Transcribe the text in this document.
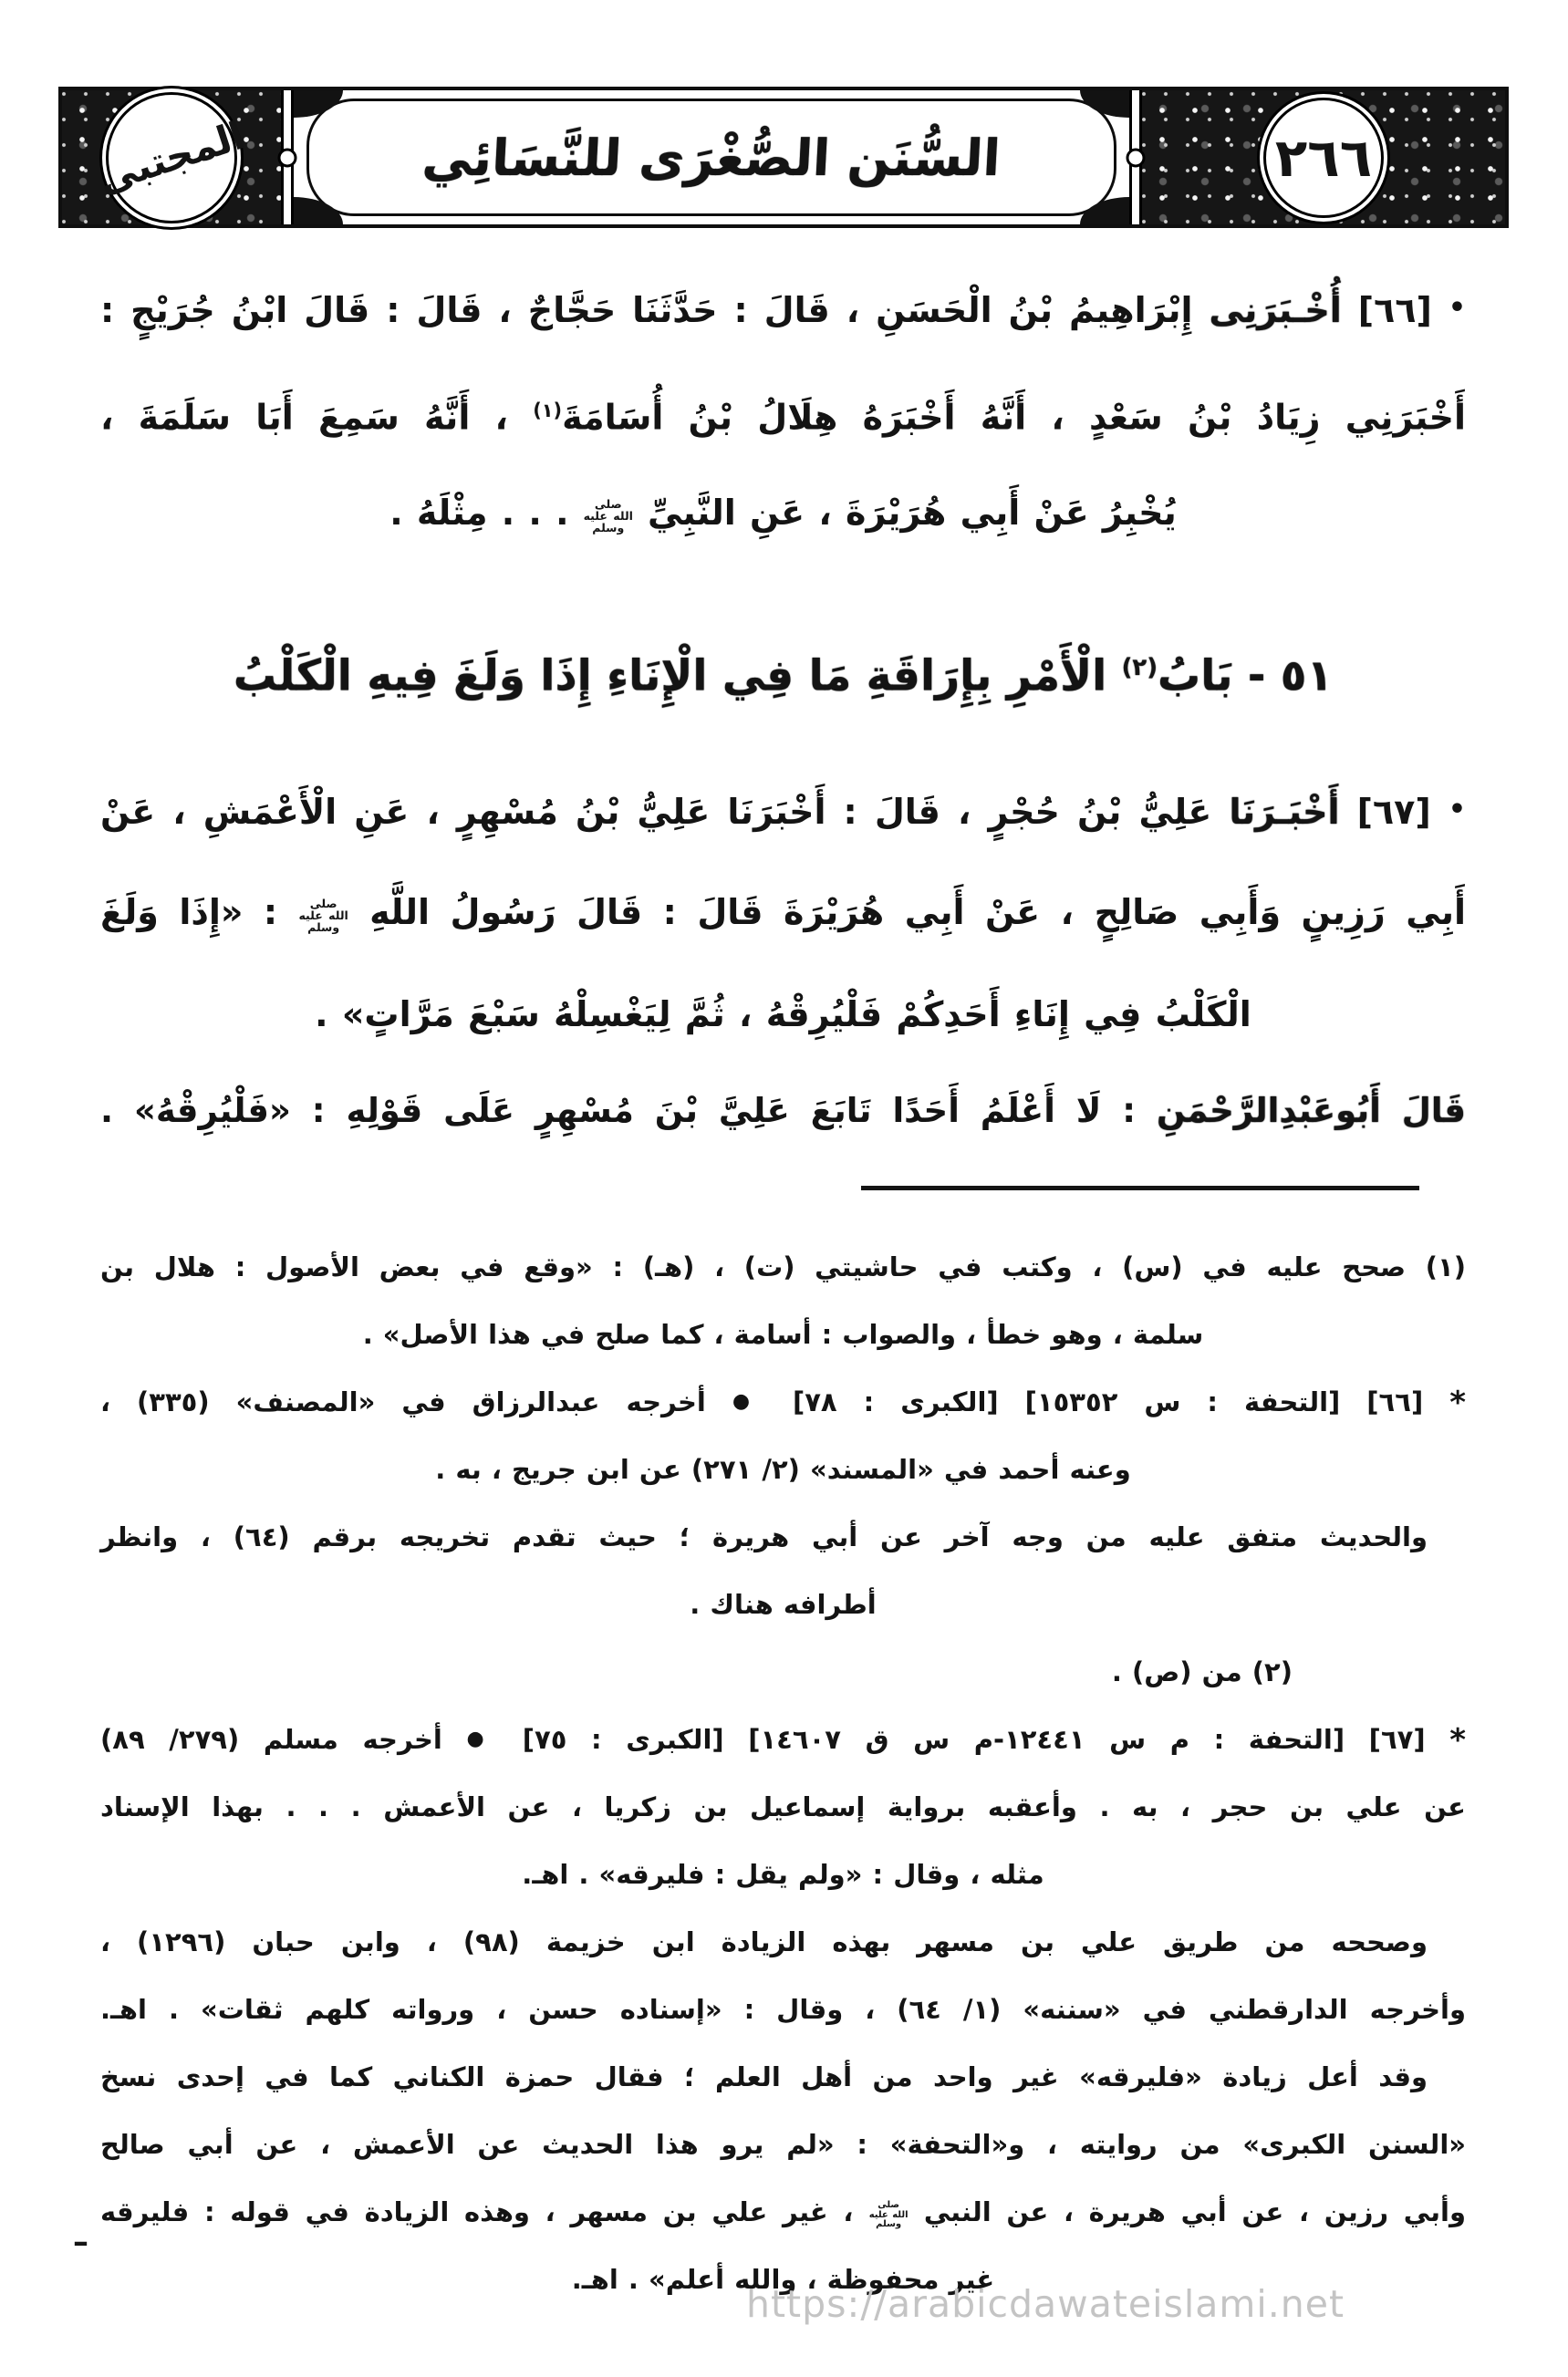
المجتبى	السُّنَن الصُّغْرَى للنَّسَائِي	٢٦٦
• [٦٦] أُخْـبَرَنِى إِبْرَاهِيمُ بْنُ الْحَسَنِ ، قَالَ : حَدَّثَنَا حَجَّاجٌ ، قَالَ : قَالَ ابْنُ جُرَيْجٍ :
أَخْبَرَنِي زِيَادُ بْنُ سَعْدٍ ، أَنَّهُ أَخْبَرَهُ هِلَالُ بْنُ أُسَامَةَ$^{(١)}$ ، أَنَّهُ سَمِعَ أَبَا سَلَمَةَ ،
يُخْبِرُ عَنْ أَبِي هُرَيْرَةَ ، عَنِ النَّبِيِّ صلى الله عليه وسلم . . . مِثْلَهُ .
٥١ - بَابُ$^{(٢)}$ الْأَمْرِ بِإِرَاقَةِ مَا فِي الْإِنَاءِ إِذَا وَلَغَ فِيهِ الْكَلْبُ
• [٦٧] أَخْبَـرَنَا عَلِيُّ بْنُ حُجْرٍ ، قَالَ : أَخْبَرَنَا عَلِيُّ بْنُ مُسْهِرٍ ، عَنِ الْأَعْمَشِ ، عَنْ
أَبِي رَزِينٍ وَأَبِي صَالِحٍ ، عَنْ أَبِي هُرَيْرَةَ قَالَ : قَالَ رَسُولُ اللَّهِ صلى الله عليه وسلم : «إِذَا وَلَغَ
الْكَلْبُ فِي إِنَاءِ أَحَدِكُمْ فَلْيُرِقْهُ ، ثُمَّ لِيَغْسِلْهُ سَبْعَ مَرَّاتٍ» .
قَالَ أَبُوعَبْدِالرَّحْمَنِ : لَا أَعْلَمُ أَحَدًا تَابَعَ عَلِيَّ بْنَ مُسْهِرٍ عَلَى قَوْلِهِ : «فَلْيُرِقْهُ» .
(١) صحح عليه في (س) ، وكتب في حاشيتي (ت) ، (هـ) : «وقع في بعض الأصول : هلال بن
سلمة ، وهو خطأ ، والصواب : أسامة ، كما صلح في هذا الأصل» .
* [٦٦] [التحفة : س ١٥٣٥٢] [الكبرى : ٧٨] ● أخرجه عبدالرزاق في «المصنف» (٣٣٥) ،
وعنه أحمد في «المسند» (٢/ ٢٧١) عن ابن جريج ، به .
والحديث متفق عليه من وجه آخر عن أبي هريرة ؛ حيث تقدم تخريجه برقم (٦٤) ، وانظر
أطرافه هناك .
(٢) من (ص) .
* [٦٧] [التحفة : م س ١٢٤٤١-م س ق ١٤٦٠٧] [الكبرى : ٧٥] ● أخرجه مسلم (٢٧٩/ ٨٩)
عن علي بن حجر ، به . وأعقبه برواية إسماعيل بن زكريا ، عن الأعمش . . . بهذا الإسناد
مثله ، وقال : «ولم يقل : فليرقه» . اهـ.
وصححه من طريق علي بن مسهر بهذه الزيادة ابن خزيمة (٩٨) ، وابن حبان (١٢٩٦) ،
وأخرجه الدارقطني في «سننه» (١/ ٦٤) ، وقال : «إسناده حسن ، ورواته كلهم ثقات» . اهـ.
وقد أعل زيادة «فليرقه» غير واحد من أهل العلم ؛ فقال حمزة الكناني كما في إحدى نسخ
«السنن الكبرى» من روايته ، و«التحفة» : «لم يرو هذا الحديث عن الأعمش ، عن أبي صالح
وأبي رزين ، عن أبي هريرة ، عن النبي صلى الله عليه وسلم ، غير علي بن مسهر ، وهذه الزيادة في قوله : فليرقه
غير محفوظة ، والله أعلم» . اهـ.
–
https://arabicdawateislami.net
